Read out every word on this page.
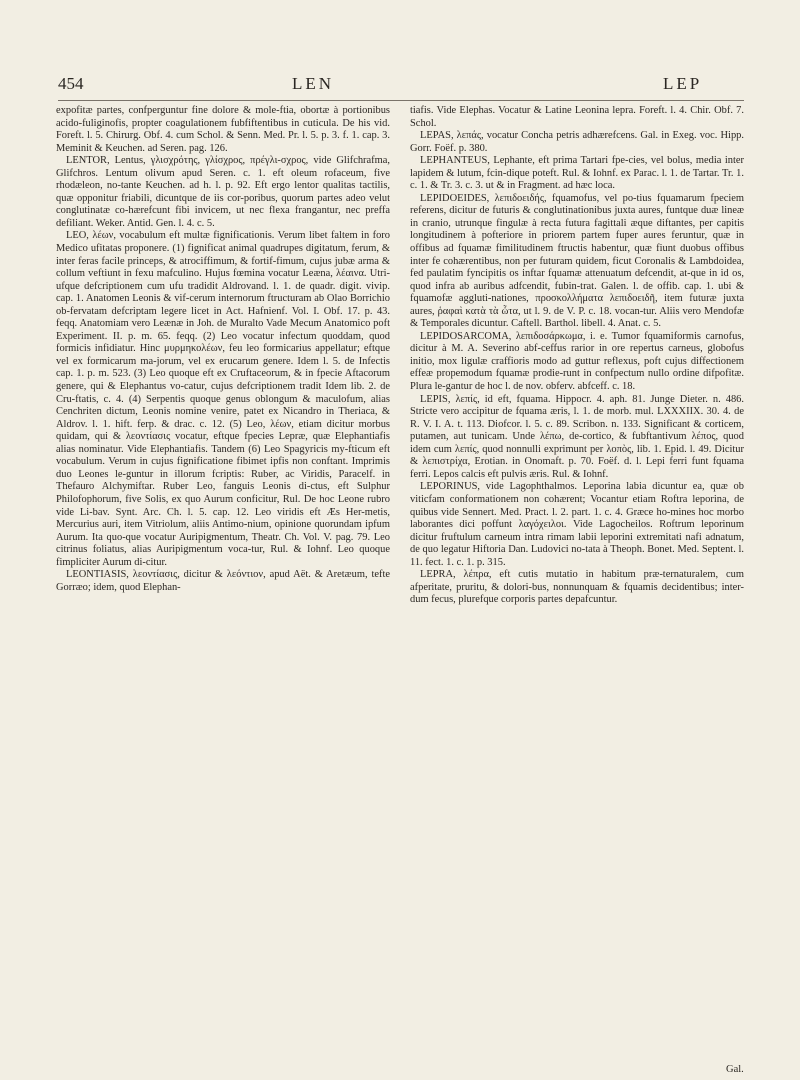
454	LEN	LEP

expofitæ partes, confperguntur fine dolore & mole-ftia, obortæ à portionibus acido-fuliginofis, propter coagulationem fubfiftentibus in cuticula. De his vid. Foreft. l. 5. Chirurg. Obf. 4. cum Schol. & Senn. Med. Pr. l. 5. p. 3. f. 1. cap. 3. Meminit & Keuchen. ad Seren. pag. 126.

LENTOR, Lentus, γλισχρότης, γλίσχρος, πρέγλι-σχρος, vide Glifchrafma, Glifchros. Lentum olivum apud Seren. c. 1. eft oleum rofaceum, five rhodæleon, no-tante Keuchen. ad h. l. p. 92. Eft ergo lentor qualitas tactilis, quæ opponitur friabili, dicuntque de iis cor-poribus, quorum partes adeo velut conglutinatæ co-hærefcunt fibi invicem, ut nec flexa frangantur, nec preffa defiliant. Weker. Antid. Gen. l. 4. c. 5.

LEO, λέων, vocabulum eft multæ fignificationis. Verum libet faltem in foro Medico ufitatas proponere. (1) fignificat animal quadrupes digitatum, ferum, & inter feras facile princeps, & atrociffimum, & fortif-fimum, cujus jubæ arma & collum veftiunt in fexu mafculino. Hujus fœmina vocatur Leæna, λέαινα. Utri-ufque defcriptionem cum ufu tradidit Aldrovand. l. 1. de quadr. digit. vivip. cap. 1. Anatomen Leonis & vif-cerum internorum ftructuram ab Olao Borrichio ob-fervatam defcriptam legere licet in Act. Hafnienf. Vol. I. Obf. 17. p. 43. feqq. Anatomiam vero Leænæ in Joh. de Muralto Vade Mecum Anatomico poft Experiment. II. p. m. 65. feqq. (2) Leo vocatur infectum quoddam, quod formicis infidiatur. Hinc μυρμηκολέων, feu leo formicarius appellatur; eftque vel ex formicarum ma-jorum, vel ex erucarum genere. Idem l. 5. de Infectis cap. 1. p. m. 523. (3) Leo quoque eft ex Cruftaceorum, & in fpecie Aftacorum genere, qui & Elephantus vo-catur, cujus defcriptionem tradit Idem lib. 2. de Cru-ftatis, c. 4. (4) Serpentis quoque genus oblongum & maculofum, alias Cenchriten dictum, Leonis nomine venire, patet ex Nicandro in Theriaca, & Aldrov. l. 1. hift. ferp. & drac. c. 12. (5) Leo, λέων, etiam dicitur morbus quidam, qui & λεοντίασις vocatur, eftque fpecies Lepræ, quæ Elephantiafis alias nominatur. Vide Elephantiafis. Tandem (6) Leo Spagyricis my-fticum eft vocabulum. Verum in cujus fignificatione fibimet ipfis non conftant. Imprimis duo Leones le-guntur in illorum fcriptis: Ruber, ac Viridis, Paracelf. in Thefauro Alchymiftar. Ruber Leo, fanguis Leonis di-ctus, eft Sulphur Philofophorum, five Solis, ex quo Aurum conficitur, Rul. De hoc Leone rubro vide Li-bav. Synt. Arc. Ch. l. 5. cap. 12. Leo viridis eft Æs Her-metis, Mercurius auri, item Vitriolum, aliis Antimo-nium, opinione quorundam ipfum Aurum. Ita quo-que vocatur Auripigmentum, Theatr. Ch. Vol. V. pag. 79. Leo citrinus foliatus, alias Auripigmentum voca-tur, Rul. & Iohnf. Leo quoque fimpliciter Aurum di-citur.

LEONTIASIS, λεοντίασις, dicitur & λεόντιον, apud Aët. & Aretæum, tefte Gorræo; idem, quod Elephan-

tiafis. Vide Elephas. Vocatur & Latine Leonina lepra. Foreft. l. 4. Chir. Obf. 7. Schol.

LEPAS, λεπάς, vocatur Concha petris adhærefcens. Gal. in Exeg. voc. Hipp. Gorr. Foëf. p. 380.

LEPHANTEUS, Lephante, eft prima Tartari fpe-cies, vel bolus, media inter lapidem & lutum, fcin-dique poteft. Rul. & Iohnf. ex Parac. l. 1. de Tartar. Tr. 1. c. 1. & Tr. 3. c. 3. ut & in Fragment. ad hæc loca.

LEPIDOEIDES, λεπιδοειδής, fquamofus, vel po-tius fquamarum fpeciem referens, dicitur de futuris & conglutinationibus juxta aures, funtque duæ lineæ in cranio, utrunque fingulæ à recta futura fagittali æque diftantes, per capitis longitudinem à pofteriore in priorem partem fuper aures feruntur, quæ in offibus ad fquamæ fimilitudinem ftructis habentur, quæ fiunt duobus offibus inter fe cohærentibus, non per futuram quidem, ficut Coronalis & Lambdoidea, fed paulatim fyncipitis os inftar fquamæ attenuatum defcendit, at-que in id os, quod infra ab auribus adfcendit, fubin-trat. Galen. l. de offib. cap. 1. ubi & fquamofæ aggluti-nationes, προσκολλήματα λεπιδοειδῆ, item futuræ juxta aures, ῥαφαὶ κατὰ τὰ ὦτα, ut l. 9. de V. P. c. 18. vocan-tur. Aliis vero Mendofæ & Temporales dicuntur. Caftell. Barthol. libell. 4. Anat. c. 5.

LEPIDOSARCOMA, λεπιδοσάρκωμα, i. e. Tumor fquamiformis carnofus, dicitur à M. A. Severino abf-ceffus rarior in ore repertus carneus, globofus initio, mox ligulæ craffioris modo ad guttur reflexus, poft cujus diffectionem effeæ propemodum fquamæ prodie-runt in confpectum nullo ordine difpofitæ. Plura le-gantur de hoc l. de nov. obferv. abfceff. c. 18.

LEPIS, λεπίς, id eft, fquama. Hippocr. 4. aph. 81. Junge Dieter. n. 486. Stricte vero accipitur de fquama æris, l. 1. de morb. mul. LXXXIIX. 30. 4. de R. V. I. A. t. 113. Diofcor. l. 5. c. 89. Scribon. n. 133. Significant & corticem, putamen, aut tunicam. Unde λέπω, de-cortico, & fubftantivum λέπος, quod idem cum λεπίς, quod nonnulli exprimunt per λοπὸς, lib. 1. Epid. l. 49. Dicitur & λεπιστρίχα, Erotian. in Onomaft. p. 70. Foëf. d. l. Lepi ferri funt fquama ferri. Lepos calcis eft pulvis æris. Rul. & Iohnf.

LEPORINUS, vide Lagophthalmos. Leporina labia dicuntur ea, quæ ob viticfam conformationem non cohærent; Vocantur etiam Roftra leporina, de quibus vide Sennert. Med. Pract. l. 2. part. 1. c. 4. Græce ho-mines hoc morbo laborantes dici poffunt λαγόχειλοι. Vide Lagocheilos. Roftrum leporinum dicitur fruftulum carneum intra rimam labii leporini extremitati nafi adnatum, de quo legatur Hiftoria Dan. Ludovici no-tata à Theoph. Bonet. Med. Septent. l. 11. fect. 1. c. 1. p. 315.

LEPRA, λέπρα, eft cutis mutatio in habitum præ-ternaturalem, cum afperitate, pruritu, & dolori-bus, nonnunquam & fquamis decidentibus; inter-dum fecus, plurefque corporis partes depafcuntur.

Gal.
